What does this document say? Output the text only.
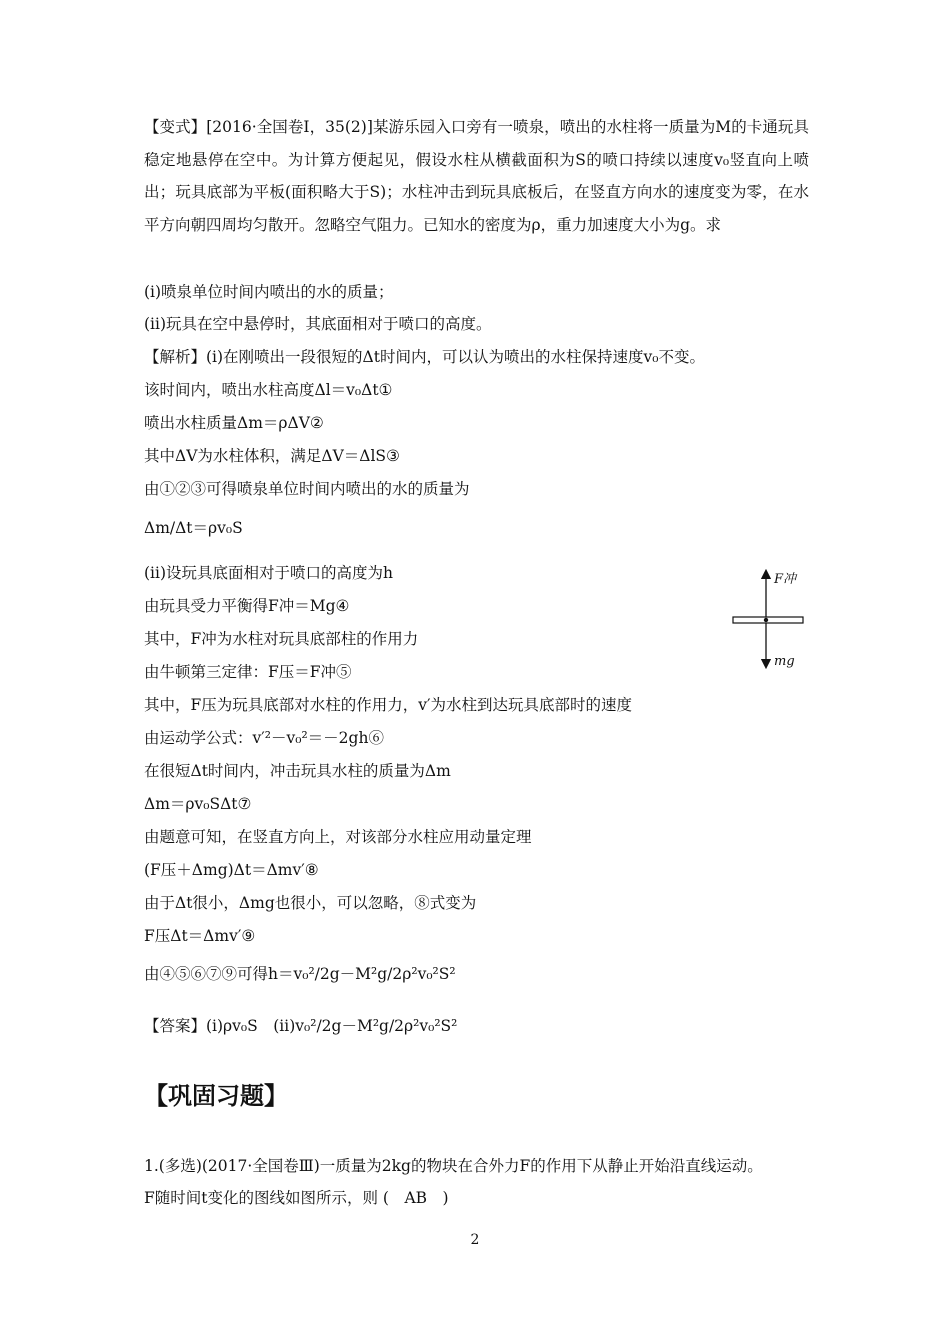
【变式】[2016·全国卷Ⅰ，35(2)]某游乐园入口旁有一喷泉，喷出的水柱将一质量为M的卡通玩具稳定地悬停在空中。为计算方便起见，假设水柱从横截面积为S的喷口持续以速度v₀竖直向上喷出；玩具底部为平板(面积略大于S)；水柱冲击到玩具底板后，在竖直方向水的速度变为零，在水平方向朝四周均匀散开。忽略空气阻力。已知水的密度为ρ，重力加速度大小为g。求
(ⅰ)喷泉单位时间内喷出的水的质量；
(ⅱ)玩具在空中悬停时，其底面相对于喷口的高度。
【解析】(ⅰ)在刚喷出一段很短的Δt时间内，可以认为喷出的水柱保持速度v₀不变。
该时间内，喷出水柱高度Δl＝v₀Δt①
喷出水柱质量Δm＝ρΔV②
其中ΔV为水柱体积，满足ΔV＝ΔlS③
由①②③可得喷泉单位时间内喷出的水的质量为
Δm/Δt＝ρv₀S
(ⅱ)设玩具底面相对于喷口的高度为h
由玩具受力平衡得F冲＝Mg④
其中，F冲为水柱对玩具底部柱的作用力
由牛顿第三定律：F压＝F冲⑤
其中，F压为玩具底部对水柱的作用力，v′为水柱到达玩具底部时的速度
由运动学公式：v′²－v₀²＝－2gh⑥
在很短Δt时间内，冲击玩具水柱的质量为Δm
Δm＝ρv₀SΔt⑦
由题意可知，在竖直方向上，对该部分水柱应用动量定理
(F压＋Δmg)Δt＝Δmv′⑧
由于Δt很小，Δmg也很小，可以忽略，⑧式变为
F压Δt＝Δmv′⑨
由④⑤⑥⑦⑨可得h＝v₀²/2g－M²g/2ρ²v₀²S²
【答案】(ⅰ)ρv₀S　(ⅱ)v₀²/2g－M²g/2ρ²v₀²S²
【巩固习题】
1.(多选)(2017·全国卷Ⅲ)一质量为2kg的物块在合外力F的作用下从静止开始沿直线运动。
F随时间t变化的图线如图所示，则 (　AB　)
2
F冲
mg
